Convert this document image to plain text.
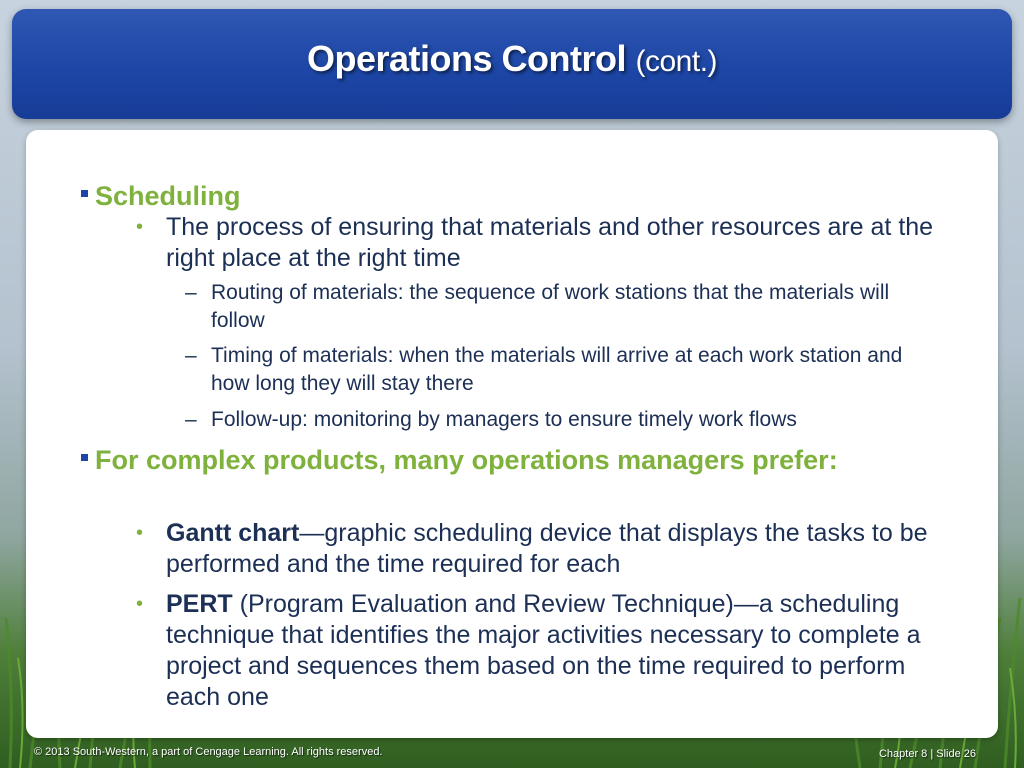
Operations Control (cont.)
Scheduling
• The process of ensuring that materials and other resources are at the right place at the right time
– Routing of materials: the sequence of work stations that the materials will follow
– Timing of materials: when the materials will arrive at each work station and how long they will stay there
– Follow-up: monitoring by managers to ensure timely work flows
For complex products, many operations managers prefer:
• Gantt chart—graphic scheduling device that displays the tasks to be performed and the time required for each
• PERT (Program Evaluation and Review Technique)—a scheduling technique that identifies the major activities necessary to complete a project and sequences them based on the time required to perform each one
© 2013 South-Western, a part of Cengage Learning. All rights reserved.	Chapter 8 | Slide 26
